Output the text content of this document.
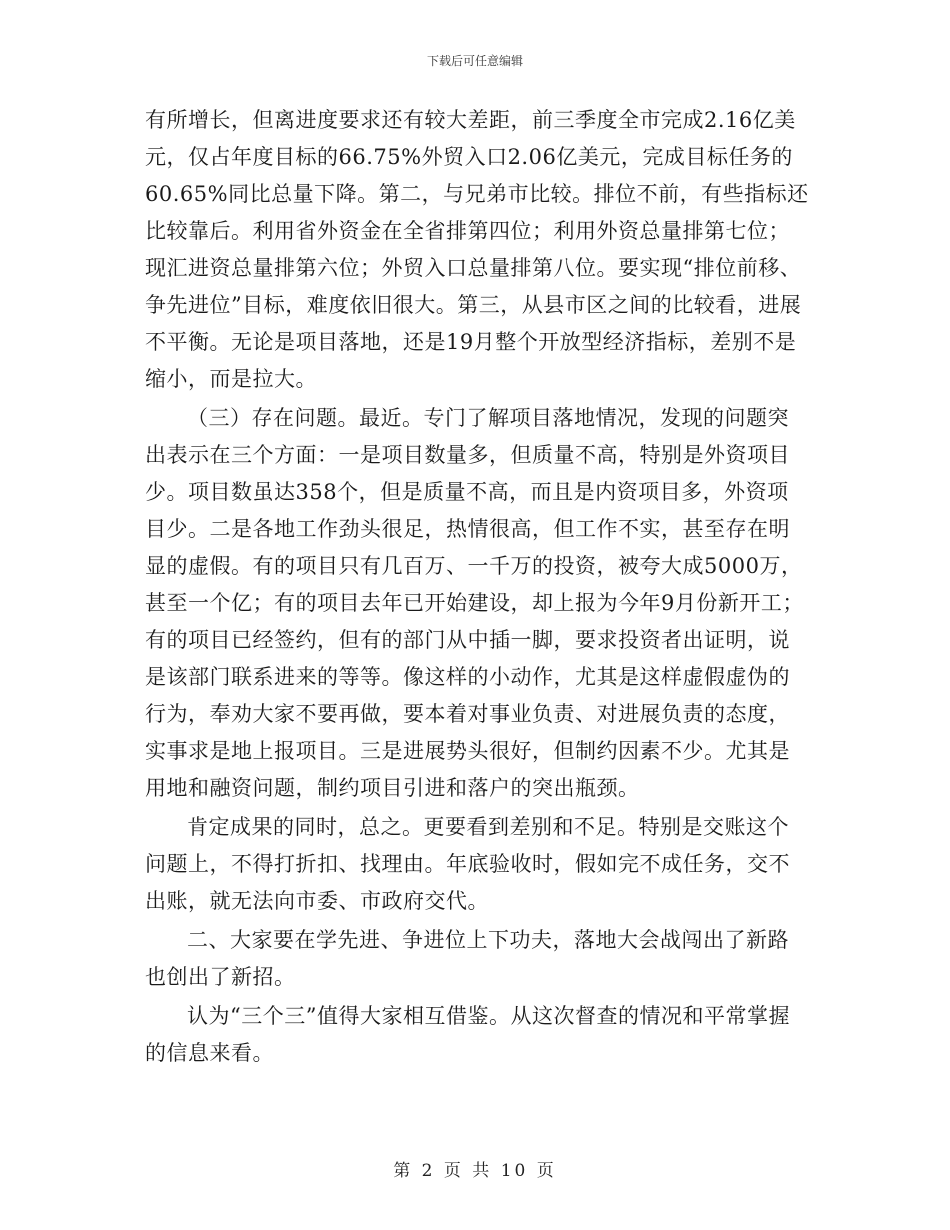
下载后可任意编辑

有所增长，但离进度要求还有较大差距，前三季度全市完成2.16亿美元，仅占年度目标的66.75%外贸入口2.06亿美元，完成目标任务的60.65%同比总量下降。第二，与兄弟市比较。排位不前，有些指标还比较靠后。利用省外资金在全省排第四位；利用外资总量排第七位；现汇进资总量排第六位；外贸入口总量排第八位。要实现“排位前移、争先进位”目标，难度依旧很大。第三，从县市区之间的比较看，进展不平衡。无论是项目落地，还是19月整个开放型经济指标，差别不是缩小，而是拉大。

（三）存在问题。最近。专门了解项目落地情况，发现的问题突出表示在三个方面：一是项目数量多，但质量不高，特别是外资项目少。项目数虽达358个，但是质量不高，而且是内资项目多，外资项目少。二是各地工作劲头很足，热情很高，但工作不实，甚至存在明显的虚假。有的项目只有几百万、一千万的投资，被夸大成5000万，甚至一个亿；有的项目去年已开始建设，却上报为今年9月份新开工；有的项目已经签约，但有的部门从中插一脚，要求投资者出证明，说是该部门联系进来的等等。像这样的小动作，尤其是这样虚假虚伪的行为，奉劝大家不要再做，要本着对事业负责、对进展负责的态度，实事求是地上报项目。三是进展势头很好，但制约因素不少。尤其是用地和融资问题，制约项目引进和落户的突出瓶颈。

肯定成果的同时，总之。更要看到差别和不足。特别是交账这个问题上，不得打折扣、找理由。年底验收时，假如完不成任务，交不出账，就无法向市委、市政府交代。

二、大家要在学先进、争进位上下功夫，落地大会战闯出了新路也创出了新招。

认为“三个三”值得大家相互借鉴。从这次督查的情况和平常掌握的信息来看。

第 2 页 共 10 页
